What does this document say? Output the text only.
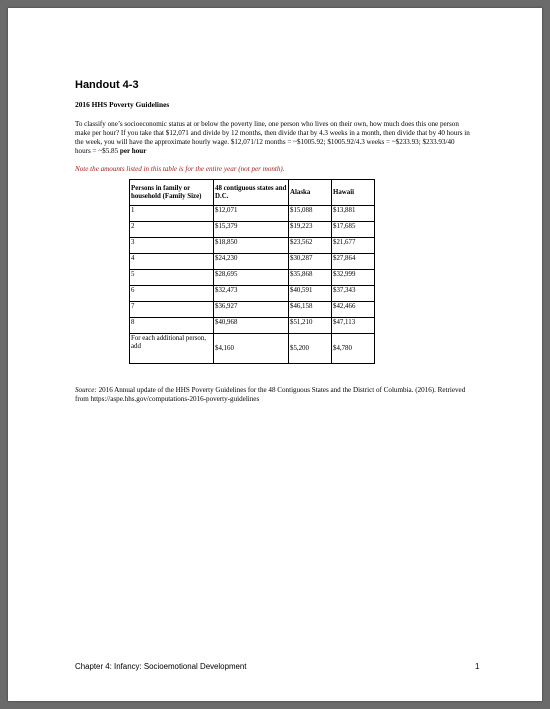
Handout 4-3
2016 HHS Poverty Guidelines

To classify one’s socioeconomic status at or below the poverty line, one person who lives on their own, how much does this one person make per hour? If you take that $12,071 and divide by 12 months, then divide that by 4.3 weeks in a month, then divide that by 40 hours in the week, you will have the approximate hourly wage. $12,071/12 months = ~$1005.92; $1005.92/4.3 weeks = ~$233.93; $233.93/40 hours = ~$5.85 per hour

Note the amounts listed in this table is for the entire year (not per month).

Persons in family or household (Family Size)	48 contiguous states and D.C.	Alaska	Hawaii
1	$12,071	$15,088	$13,881
2	$15,379	$19,223	$17,685
3	$18,850	$23,562	$21,677
4	$24,230	$30,287	$27,864
5	$28,695	$35,868	$32,999
6	$32,473	$40,591	$37,343
7	$36,927	$46,158	$42,466
8	$40,968	$51,210	$47,113
For each additional person, add	$4,160	$5,200	$4,780

Source: 2016 Annual update of the HHS Poverty Guidelines for the 48 Contiguous States and the District of Columbia. (2016). Retrieved from https://aspe.hhs.gov/computations-2016-poverty-guidelines

Chapter 4: Infancy: Socioemotional Development	1
